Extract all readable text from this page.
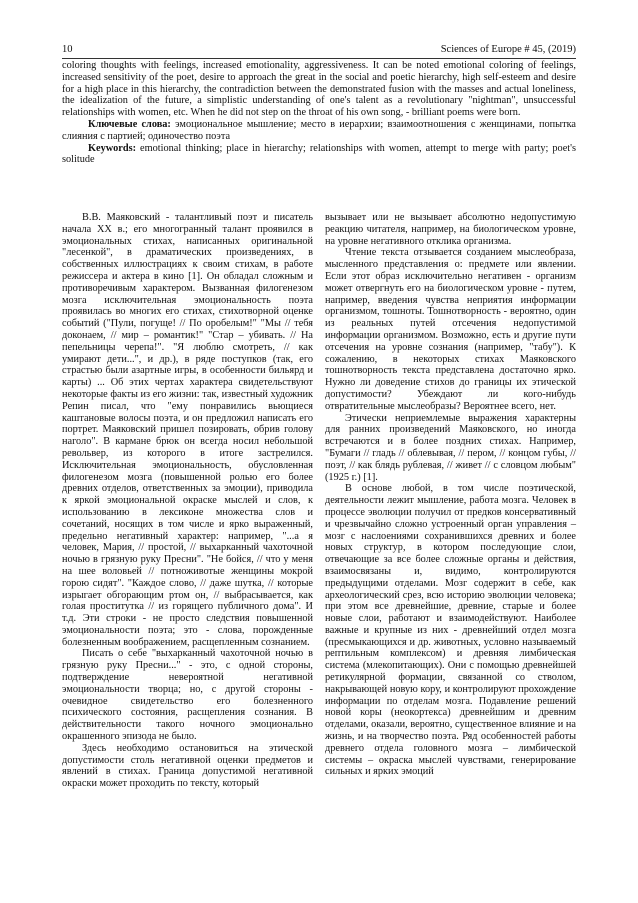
10	Sciences of Europe # 45, (2019)

coloring thoughts with feelings, increased emotionality, aggressiveness. It can be noted emotional coloring of feelings, increased sensitivity of the poet, desire to approach the great in the social and poetic hierarchy, high self-esteem and desire for a high place in this hierarchy, the contradiction between the demonstrated fusion with the masses and actual loneliness, the idealization of the future, a simplistic understanding of one's talent as a revolutionary "nightman", unsuccessful relationships with women, etc. When he did not step on the throat of his own song, - brilliant poems were born.

Ключевые слова: эмоциональное мышление; место в иерархии; взаимоотношения с женщинами, попытка слияния с партией; одиночество поэта

Keywords: emotional thinking; place in hierarchy; relationships with women, attempt to merge with party; poet's solitude

В.В. Маяковский - талантливый поэт и писатель начала XX в.; его многогранный талант проявился в эмоциональных стихах, написанных оригинальной "лесенкой", в драматических произведениях, в собственных иллюстрациях к своим стихам, в работе режиссера и актера в кино [1]. Он обладал сложным и противоречивым характером. Вызванная филогенезом мозга исключительная эмоциональность поэта проявилась во многих его стихах, стихотворной оценке событий ("Пули, погуще! // По оробелым!" "Мы // тебя доконаем, // мир – романтик!" "Стар – убивать. // На пепельницы черепа!". "Я люблю смотреть, // как умирают дети...", и др.), в ряде поступков (так, его страстью были азартные игры, в особенности бильярд и карты) ... Об этих чертах характера свидетельствуют некоторые факты из его жизни: так, известный художник Репин писал, что "ему понравились вьющиеся каштановые волосы поэта, и он предложил написать его портрет. Маяковский пришел позировать, обрив голову наголо". В кармане брюк он всегда носил небольшой револьвер, из которого в итоге застрелился. Исключительная эмоциональность, обусловленная филогенезом мозга (повышенной ролью его более древних отделов, ответственных за эмоции), приводила к яркой эмоциональной окраске мыслей и слов, к использованию в лексиконе множества слов и сочетаний, носящих в том числе и ярко выраженный, предельно негативный характер: например, "...а я человек, Мария, // простой, // выхарканный чахоточной ночью в грязную руку Пресни". "Не бойся, // что у меня на шее воловьей // потноживотые женщины мокрой горою сидят". "Каждое слово, // даже шутка, // которые изрыгает обгорающим ртом он, // выбрасывается, как голая проститутка // из горящего публичного дома". И т.д. Эти строки - не просто следствия повышенной эмоциональности поэта; это - слова, порожденные болезненным воображением, расщепленным сознанием.

Писать о себе "выхарканный чахоточной ночью в грязную руку Пресни..." - это, с одной стороны, подтверждение невероятной негативной эмоциональности творца; но, с другой стороны - очевидное свидетельство его болезненного психического состояния, расщепления сознания. В действительности такого ночного эмоционально окрашенного эпизода не было.

Здесь необходимо остановиться на этической допустимости столь негативной оценки предметов и явлений в стихах. Граница допустимой негативной окраски может проходить по тексту, который

вызывает или не вызывает абсолютно недопустимую реакцию читателя, например, на биологическом уровне, на уровне негативного отклика организма.

Чтение текста отзывается созданием мыслеобраза, мысленного представления о: предмете или явлении. Если этот образ исключительно негативен - организм может отвергнуть его на биологическом уровне - путем, например, введения чувства неприятия информации организмом, тошноты. Тошнотворность - вероятно, один из реальных путей отсечения недопустимой информации организмом. Возможно, есть и другие пути отсечения на уровне сознания (например, "табу"). К сожалению, в некоторых стихах Маяковского тошнотворность текста представлена достаточно ярко. Нужно ли доведение стихов до границы их этической допустимости? Убеждают ли кого-нибудь отвратительные мыслеобразы? Вероятнее всего, нет.

Этически неприемлемые выражения характерны для ранних произведений Маяковского, но иногда встречаются и в более поздних стихах. Например, "Бумаги // гладь // облевывая, // пером, // концом губы, // поэт, // как блядь рублевая, // живет // с словцом любым" (1925 г.) [1].

В основе любой, в том числе поэтической, деятельности лежит мышление, работа мозга. Человек в процессе эволюции получил от предков консервативный и чрезвычайно сложно устроенный орган управления – мозг с наслоениями сохранившихся древних и более новых структур, в котором последующие слои, отвечающие за все более сложные органы и действия, взаимосвязаны и, видимо, контролируются предыдущими отделами. Мозг содержит в себе, как археологический срез, всю историю эволюции человека; при этом все древнейшие, древние, старые и более новые слои, работают и взаимодействуют. Наиболее важные и крупные из них - древнейший отдел мозга (пресмыкающихся и др. животных, условно называемый рептильным комплексом) и древняя лимбическая система (млекопитающих). Они с помощью древнейшей ретикулярной формации, связанной со стволом, накрывающей новую кору, и контролируют прохождение информации по отделам мозга. Подавление решений новой коры (неокортекса) древнейшим и древним отделами, оказали, вероятно, существенное влияние и на жизнь, и на творчество поэта. Ряд особенностей работы древнего отдела головного мозга – лимбической системы – окраска мыслей чувствами, генерирование сильных и ярких эмоций
